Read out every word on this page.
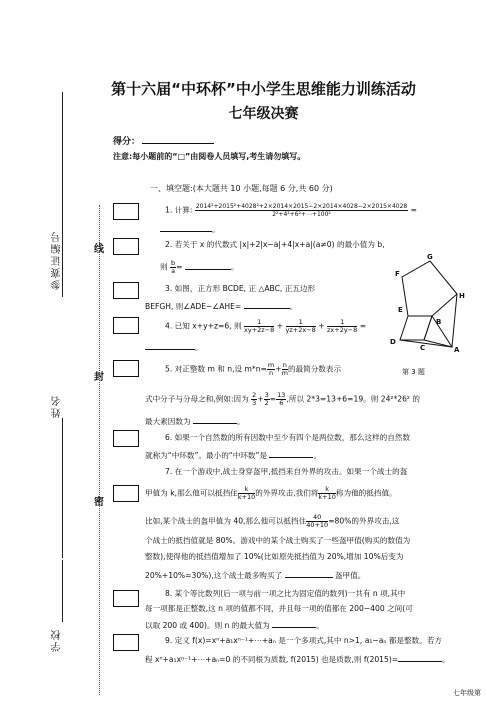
参赛证编号
姓名
学校
线
封
密
第十六届“中环杯”中小学生思维能力训练活动
七年级决赛
得分：
注意:每小题前的“□”由阅卷人员填写,考生请勿填写。
一、填空题:(本大题共 10 小题,每题 6 分,共 60 分)
1. 计算: $\frac{\text{2014²+2015²+4028²+2×2014×2015−2×2014×4028−2×2015×4028}}{\text{2²+4²+6²+⋯+100²}}$ =
。
2. 若关于 x 的代数式 |x|+2|x−a|+4|x+a|(a≠0) 的最小值为 b,
则 $\frac{b}{a}$ =	。
3. 如图，正方形 BCDE, 正 △ABC, 正五边形
BEFGH, 则∠ADE−∠AHE=	。
4. 已知 x+y+z=6, 则 $\frac{1}{xy+2z-8} + \frac{1}{yz+2x-8} + \frac{1}{zx+2y-8}$ =
。
5. 对正整数 m 和 n,设 $m*n= \frac{m}{n} + \frac{n}{m}$ 的最简分数表示
式中分子与分母之和,例如:因为 $\frac{2}{3} + \frac{3}{2} = \frac{13}{6}$ ,所以 2*3=13+6=19。则 24²*26² 的
最大素因数为	。
6. 如果一个自然数的所有因数中至少有四个是两位数，那么这样的自然数
就称为“中环数”。最小的“中环数”是	。
7. 在一个游戏中,战士身穿盔甲,抵挡来自外界的攻击。如果一个战士的盔
甲值为 k,那么他可以抵挡住 $\frac{k}{k+10}$ 的外界攻击,我们将 $\frac{k}{k+10}$ 称为他的抵挡值。
比如,某个战士的盔甲值为 40,那么他可以抵挡住 $\frac{40}{40+10} =80\%$的外界攻击,这
个战士的抵挡值就是 80%。游戏中的某个战士购买了一些盔甲值(购买的数值为
整数),使得他的抵挡值增加了 10%(比如原先抵挡值为 20%,增加 10%后变为
20%+10%=30%),这个战士最多购买了	盔甲值。
8. 某个等比数列(后一项与前一项之比为固定值的数列)一共有 n 项,其中
每一项都是正整数,这 n 项的值都不同，并且每一项的值都在 200−400 之间(可
以取 200 或 400)。则 n 的最大值为	。
9. 定义 f(x)=xⁿ+a₁xⁿ⁻¹+⋯+aₙ 是一个多项式,其中 n>1, a₁−aₙ 都是整数。若方
程 xⁿ+a₁xⁿ⁻¹+⋯+aₙ=0 的不同根为质数, f(2015) 也是质数,则 f(2015)=	。
G
F
H
E
B
D
C	A
第 3 题
七年级第
